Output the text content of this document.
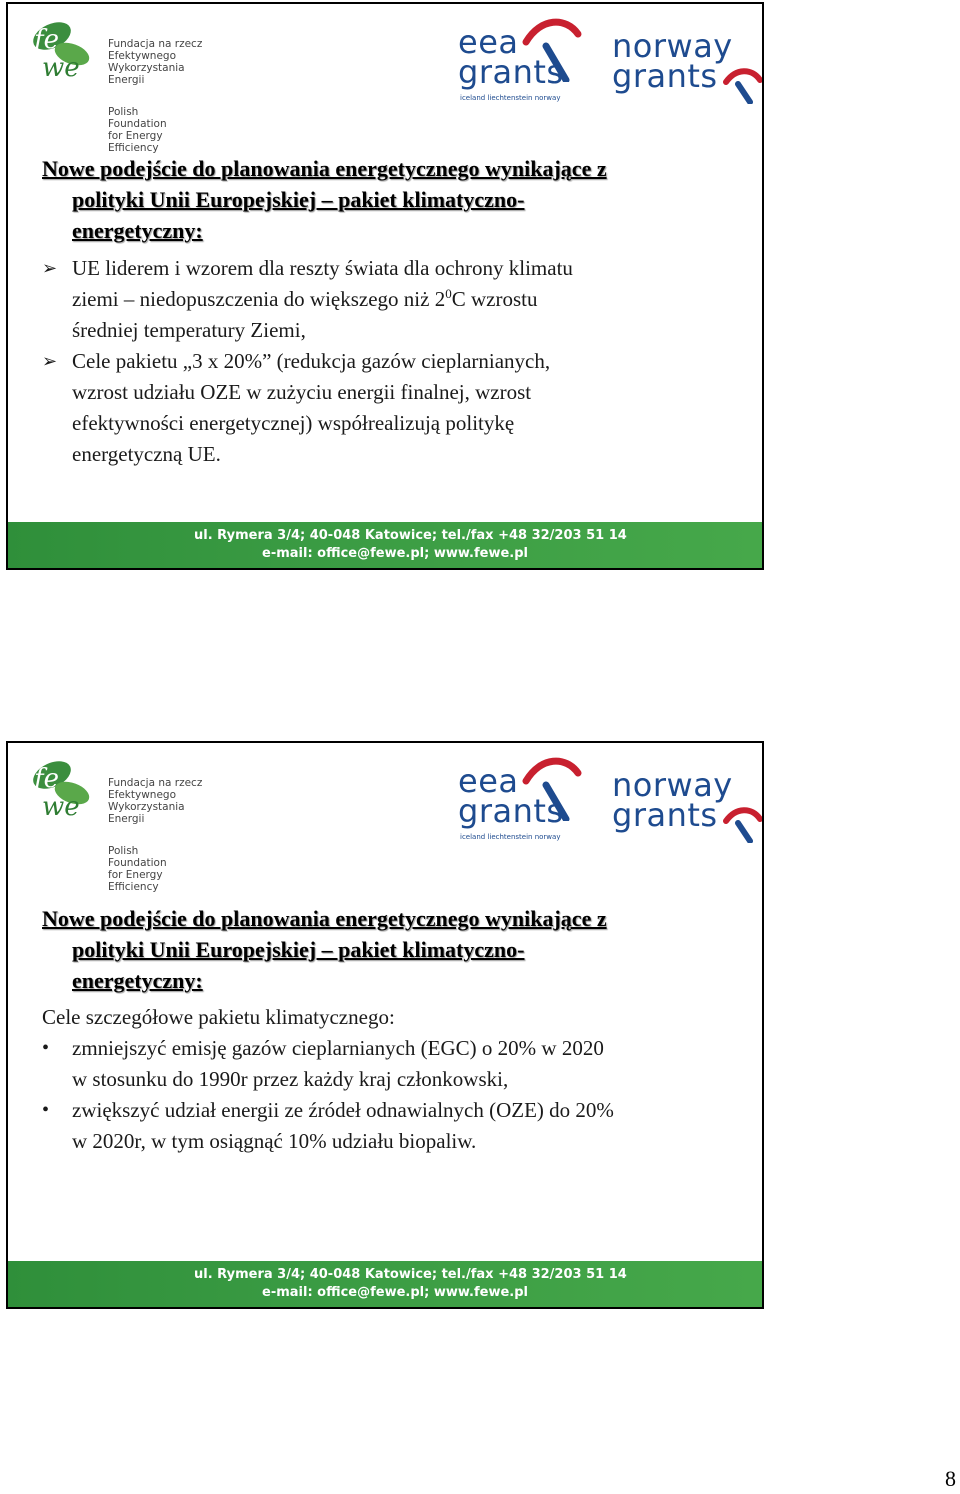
fe
we
Fundacja na rzecz
Efektywnego
Wykorzystania
Energii
Polish
Foundation
for Energy
Efficiency
eea
grants
iceland liechtenstein norway
norway
grants
Nowe podejście do planowania energetycznego wynikające z
polityki Unii Europejskiej – pakiet klimatyczno-
energetyczny:
➢ UE liderem i wzorem dla reszty świata dla ochrony klimatu
ziemi – niedopuszczenia do większego niż $2^0C$ wzrostu
średniej temperatury Ziemi,
➢ Cele pakietu „3 x 20%” (redukcja gazów cieplarnianych,
wzrost udziału OZE w zużyciu energii finalnej, wzrost
efektywności energetycznej) współrealizują politykę
energetyczną UE.
ul. Rymera 3/4; 40-048 Katowice; tel./fax +48 32/203 51 14
e-mail: office@fewe.pl; www.fewe.pl
fe
we
Fundacja na rzecz
Efektywnego
Wykorzystania
Energii
Polish
Foundation
for Energy
Efficiency
eea
grants
iceland liechtenstein norway
norway
grants
Nowe podejście do planowania energetycznego wynikające z
polityki Unii Europejskiej – pakiet klimatyczno-
energetyczny:
Cele szczegółowe pakietu klimatycznego:
•	zmniejszyć emisję gazów cieplarnianych (EGC) o 20% w 2020
w stosunku do 1990r przez każdy kraj członkowski,
•	zwiększyć udział energii ze źródeł odnawialnych (OZE) do 20%
w 2020r, w tym osiągnąć 10% udziału biopaliw.
ul. Rymera 3/4; 40-048 Katowice; tel./fax +48 32/203 51 14
e-mail: office@fewe.pl; www.fewe.pl
8
